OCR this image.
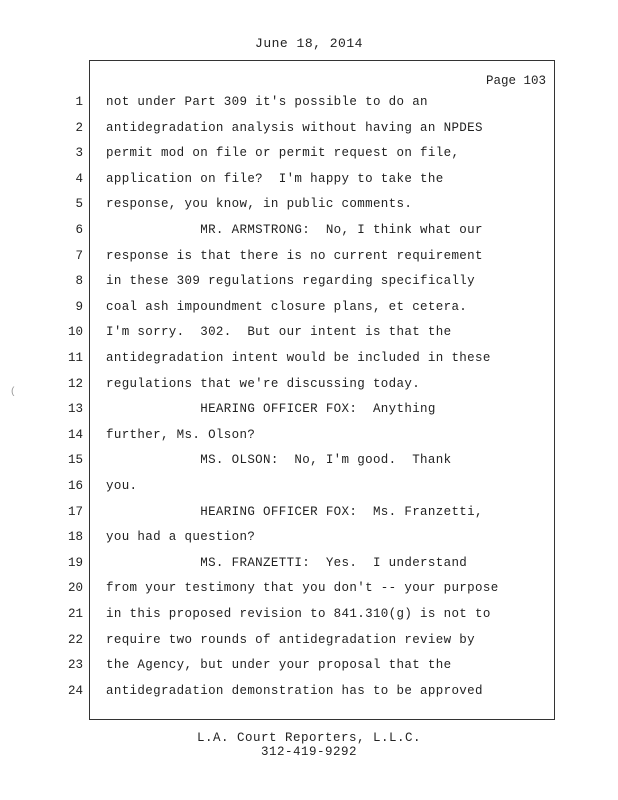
June 18, 2014
Page 103
1 not under Part 309 it's possible to do an
2 antidegradation analysis without having an NPDES
3 permit mod on file or permit request on file,
4 application on file?  I'm happy to take the
5 response, you know, in public comments.
6 MR. ARMSTRONG:  No, I think what our
7 response is that there is no current requirement
8 in these 309 regulations regarding specifically
9 coal ash impoundment closure plans, et cetera.
10 I'm sorry.  302.  But our intent is that the
11 antidegradation intent would be included in these
12 regulations that we're discussing today.
13 HEARING OFFICER FOX:  Anything
14 further, Ms. Olson?
15 MS. OLSON:  No, I'm good.  Thank
16 you.
17 HEARING OFFICER FOX:  Ms. Franzetti,
18 you had a question?
19 MS. FRANZETTI:  Yes.  I understand
20 from your testimony that you don't -- your purpose
21 in this proposed revision to 841.310(g) is not to
22 require two rounds of antidegradation review by
23 the Agency, but under your proposal that the
24 antidegradation demonstration has to be approved
(
L.A. Court Reporters, L.L.C.
312-419-9292
